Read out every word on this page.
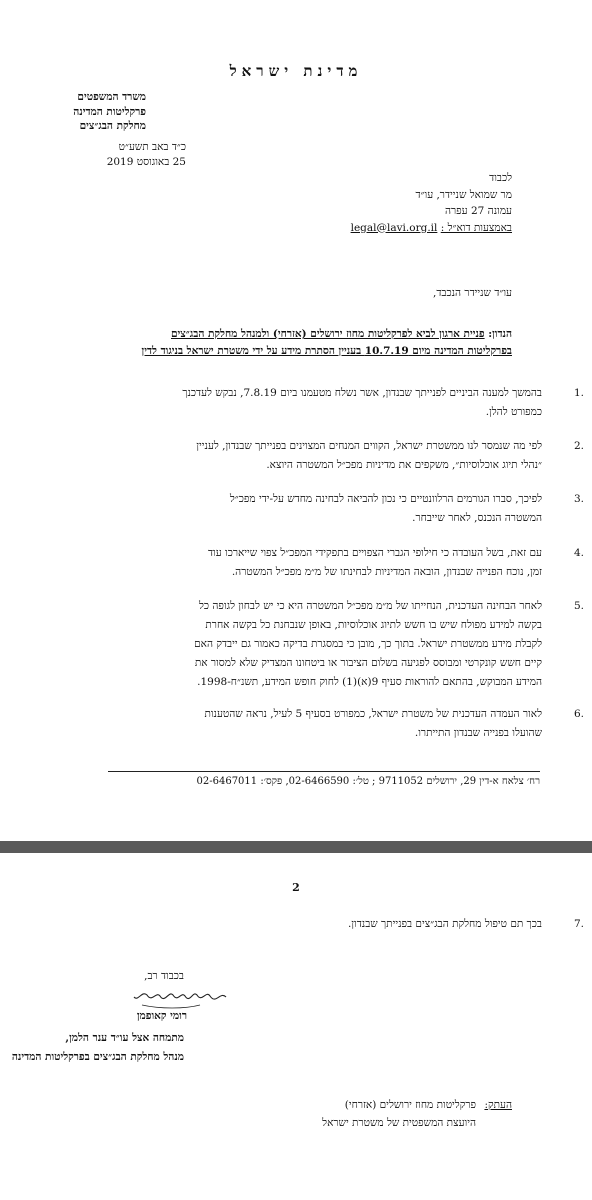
מדינת ישראל
משרד המשפטים
פרקליטות המדינה
מחלקת הבג״צים
כ״ד באב תשע״ט
25 באוגוסט 2019
לכבוד
מר שמואל שניידר, עו״ד
עמונה 27 עפרה
באמצעות דוא״ל : legal@lavi.org.il
עו״ד שניידר הנכבד,
הנדון: פניית ארגון לביא לפרקליטות מחוז ירושלים (אזרחי) ולמנהל מחלקת הבג״צים
בפרקליטות המדינה מיום 10.7.19 בעניין הסתרת מידע על ידי משטרת ישראל בניגוד לדין
.1
בהמשך למענה הביניים לפנייתך שבנדון, אשר נשלח מטעמנו ביום 7.8.19, נבקש לעדכנך
כמפורט להלן.
.2
לפי מה שנמסר לנו ממשטרת ישראל, הקווים המנחים המצוינים בפנייתך שבנדון, לעניין
״נהלי תיוג אוכלוסיות״, משקפים את מדיניות מפכ״ל המשטרה היוצא.
.3
לפיכך, סברו הגורמים הרלוונטיים כי נכון להביאה לבחינה מחדש על-ידי מפכ״ל
המשטרה הנכנס, לאחר שייבחר.
.4
עם זאת, בשל העובדה כי חילופי הגברי הצפויים בתפקידי המפכ״ל צפוי שייארכו עוד
זמן, נוכח הפנייה שבנדון, הובאה המדיניות לבחינתו של מ״מ מפכ״ל המשטרה.
.5
לאחר הבחינה העדכנית, הנחייתו של מ״מ מפכ״ל המשטרה היא כי יש לבחון לגופה כל
בקשה למידע מפולח שיש בו חשש לתיוג אוכלוסיות, באופן שנבחנת כל בקשה אחרת
לקבלת מידע ממשטרת ישראל. בתוך כך, מובן כי במסגרת בדיקה כאמור גם ייבדק האם
קיים חשש קונקרטי ומבוסס לפגיעה בשלום הציבור או ביטחונו המצדיק שלא למסור את
המידע המבוקש, בהתאם להוראות סעיף 9(א)(1) לחוק חופש המידע, תשנ״ח-1998.
.6
לאור העמדה העדכנית של משטרת ישראל, כמפורט בסעיף 5 לעיל, נראה שהטענות
שהועלו בפנייה שבנדון התייתרו.
רח׳ צלאח א-דין 29, ירושלים 9711052 ; טל׳: 02-6466590, פקס׳: 02-6467011
2
.7
בכך תם טיפול מחלקת הבג״צים בפנייתך שבנדון.
בכבוד רב,
רומי קאופמן
מתמחה אצל עו״ד ענר הלמן,
מנהל מחלקת הבג״צים בפרקליטות המדינה
העתק:
פרקליטות מחוז ירושלים (אזרחי)
היועצת המשפטית של משטרת ישראל
